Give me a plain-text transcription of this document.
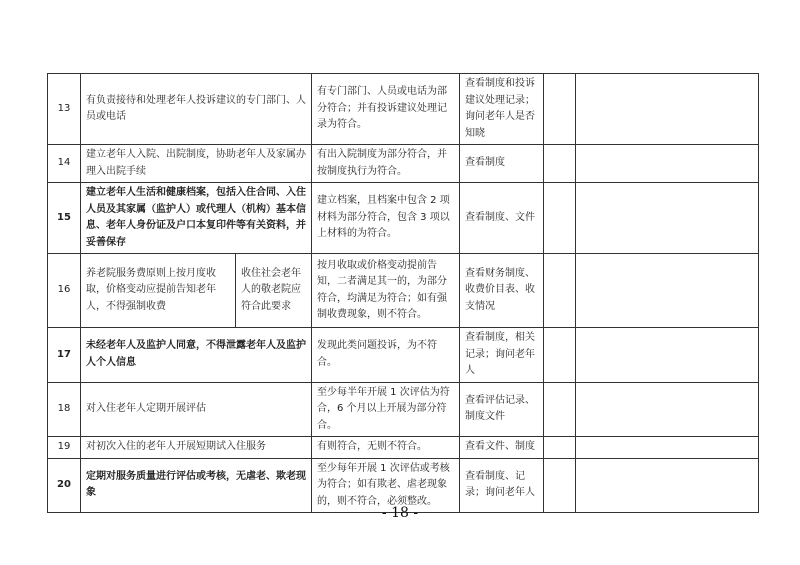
13	有负责接待和处理老年人投诉建议的专门部门、人员或电话		有专门部门、人员或电话为部分符合；并有投诉建议处理记录为符合。	查看制度和投诉建议处理记录；询问老年人是否知晓		
14	建立老年人入院、出院制度，协助老年人及家属办理入出院手续		有出入院制度为部分符合，并按制度执行为符合。	查看制度		
15	建立老年人生活和健康档案，包括入住合同、入住人员及其家属（监护人）或代理人（机构）基本信息、老年人身份证及户口本复印件等有关资料，并妥善保存		建立档案，且档案中包含 2 项材料为部分符合，包含 3 项以上材料的为符合。	查看制度、文件		
16	养老院服务费原则上按月度收取，价格变动应提前告知老年人，不得强制收费	收住社会老年人的敬老院应符合此要求	按月收取或价格变动提前告知，二者满足其一的，为部分符合，均满足为符合；如有强制收费现象，则不符合。	查看财务制度、收费价目表、收支情况		
17	未经老年人及监护人同意，不得泄露老年人及监护人个人信息		发现此类问题投诉，为不符合。	查看制度，相关记录；询问老年人		
18	对入住老年人定期开展评估		至少每半年开展 1 次评估为符合，6 个月以上开展为部分符合。	查看评估记录、制度文件		
19	对初次入住的老年人开展短期试入住服务		有则符合，无则不符合。	查看文件、制度		
20	定期对服务质量进行评估或考核，无虐老、欺老现象		至少每年开展 1 次评估或考核为符合；如有欺老、虐老现象的，则不符合，必须整改。	查看制度、记录；询问老年人		
- 18 -
